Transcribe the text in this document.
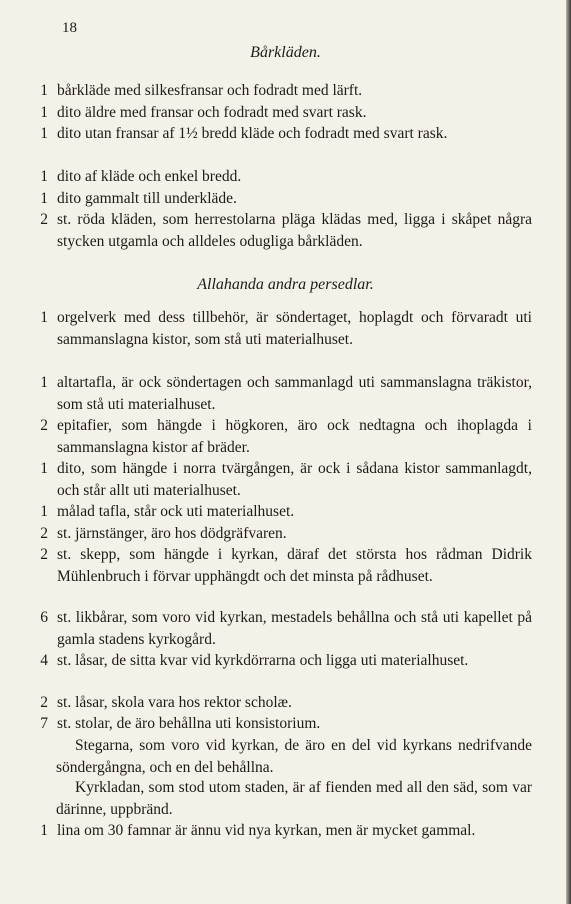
18
Bårkläden.
1 bårkläde med silkesfransar och fodradt med lärft.
1 dito äldre med fransar och fodradt med svart rask.
1 dito utan fransar af 1½ bredd kläde och fodradt med svart rask.
1 dito af kläde och enkel bredd.
1 dito gammalt till underkläde.
2 st. röda kläden, som herrestolarna pläga klädas med, ligga i skåpet några stycken utgamla och alldeles odugliga bårkläden.
Allahanda andra persedlar.
1 orgelverk med dess tillbehör, är söndertaget, hoplagdt och förvaradt uti sammanslagna kistor, som stå uti materialhuset.
1 altartafla, är ock söndertagen och sammanlagd uti sammanslagna träkistor, som stå uti materialhuset.
2 epitafier, som hängde i högkoren, äro ock nedtagna och ihoplagda i sammanslagna kistor af bräder.
1 dito, som hängde i norra tvärgången, är ock i sådana kistor sammanlagdt, och står allt uti materialhuset.
1 målad tafla, står ock uti materialhuset.
2 st. järnstänger, äro hos dödgräfvaren.
2 st. skepp, som hängde i kyrkan, däraf det största hos rådman Didrik Mühlenbruch i förvar upphängdt och det minsta på rådhuset.
6 st. likbårar, som voro vid kyrkan, mestadels behållna och stå uti kapellet på gamla stadens kyrkogård.
4 st. låsar, de sitta kvar vid kyrkdörrarna och ligga uti materialhuset.
2 st. låsar, skola vara hos rektor scholæ.
7 st. stolar, de äro behållna uti konsistorium.
Stegarna, som voro vid kyrkan, de äro en del vid kyrkans nedrifvande söndergångna, och en del behållna.
Kyrkladan, som stod utom staden, är af fienden med all den säd, som var därinne, uppbränd.
1 lina om 30 famnar är ännu vid nya kyrkan, men är mycket gammal.
